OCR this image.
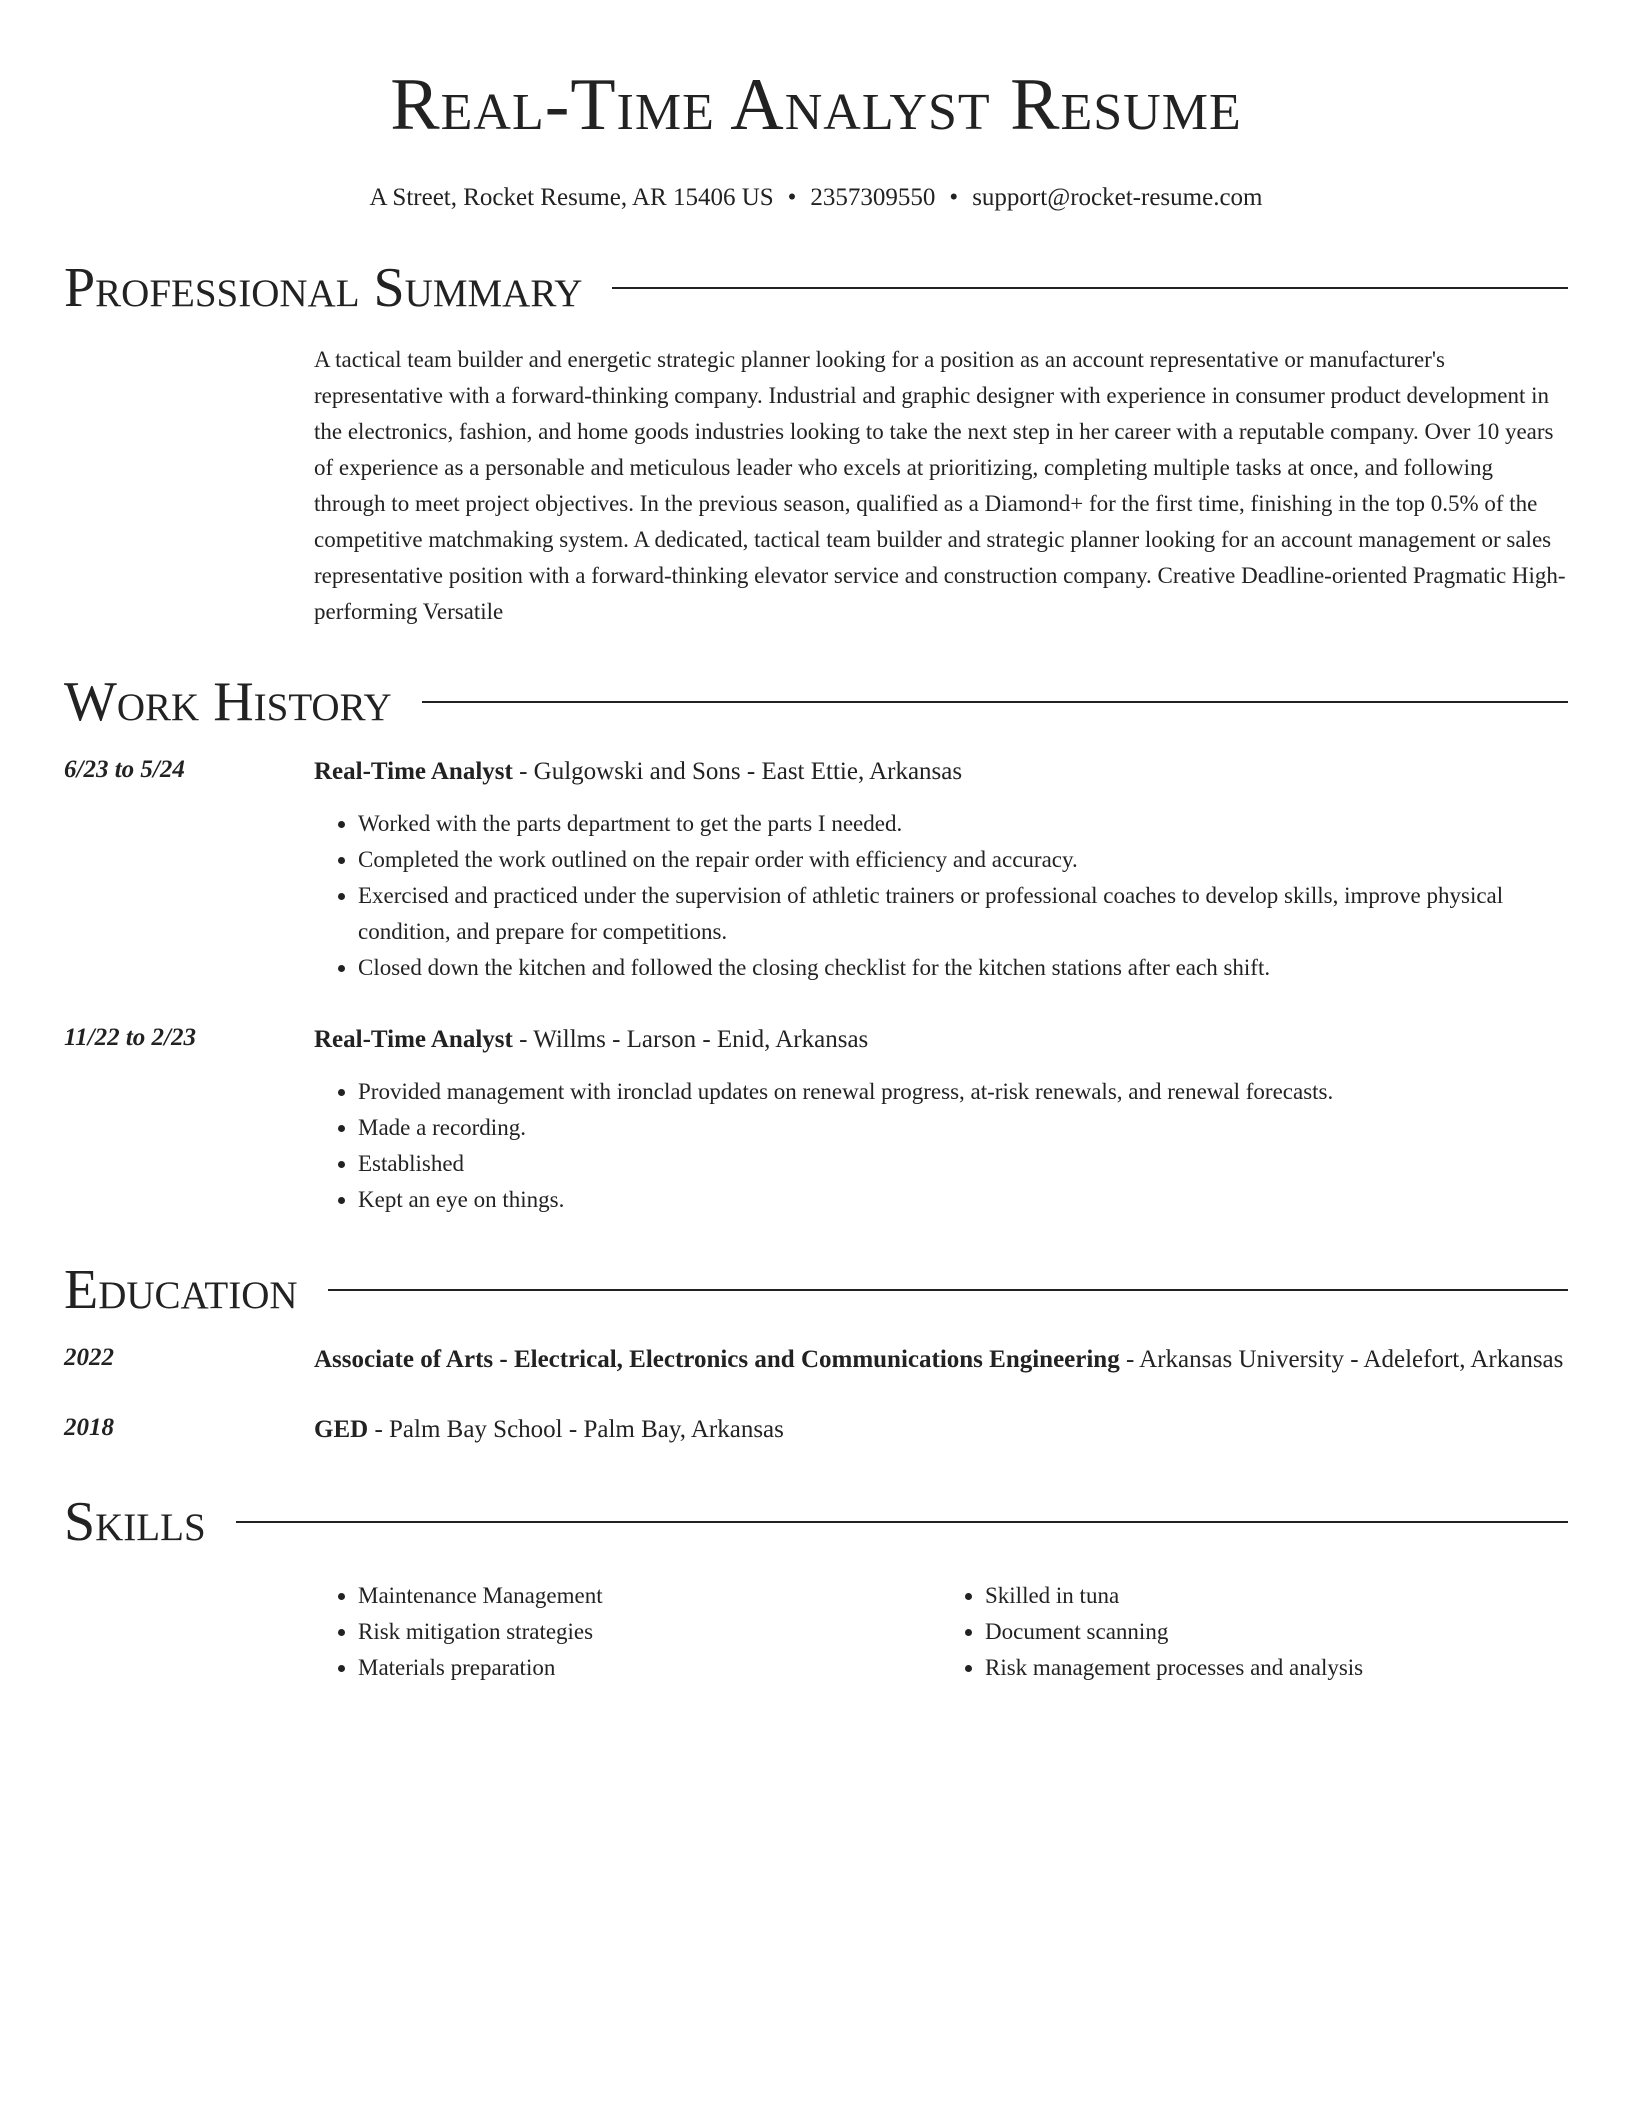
Real-Time Analyst Resume
A Street, Rocket Resume, AR 15406 US • 2357309550 • support@rocket-resume.com
Professional Summary
A tactical team builder and energetic strategic planner looking for a position as an account representative or manufacturer's representative with a forward-thinking company. Industrial and graphic designer with experience in consumer product development in the electronics, fashion, and home goods industries looking to take the next step in her career with a reputable company. Over 10 years of experience as a personable and meticulous leader who excels at prioritizing, completing multiple tasks at once, and following through to meet project objectives. In the previous season, qualified as a Diamond+ for the first time, finishing in the top 0.5% of the competitive matchmaking system. A dedicated, tactical team builder and strategic planner looking for an account management or sales representative position with a forward-thinking elevator service and construction company. Creative Deadline-oriented Pragmatic High-performing Versatile
Work History
6/23 to 5/24	Real-Time Analyst - Gulgowski and Sons - East Ettie, Arkansas
• Worked with the parts department to get the parts I needed.
• Completed the work outlined on the repair order with efficiency and accuracy.
• Exercised and practiced under the supervision of athletic trainers or professional coaches to develop skills, improve physical condition, and prepare for competitions.
• Closed down the kitchen and followed the closing checklist for the kitchen stations after each shift.
11/22 to 2/23	Real-Time Analyst - Willms - Larson - Enid, Arkansas
• Provided management with ironclad updates on renewal progress, at-risk renewals, and renewal forecasts.
• Made a recording.
• Established
• Kept an eye on things.
Education
2022	Associate of Arts - Electrical, Electronics and Communications Engineering - Arkansas University - Adelefort, Arkansas
2018	GED - Palm Bay School - Palm Bay, Arkansas
Skills
• Maintenance Management
• Risk mitigation strategies
• Materials preparation
• Skilled in tuna
• Document scanning
• Risk management processes and analysis
